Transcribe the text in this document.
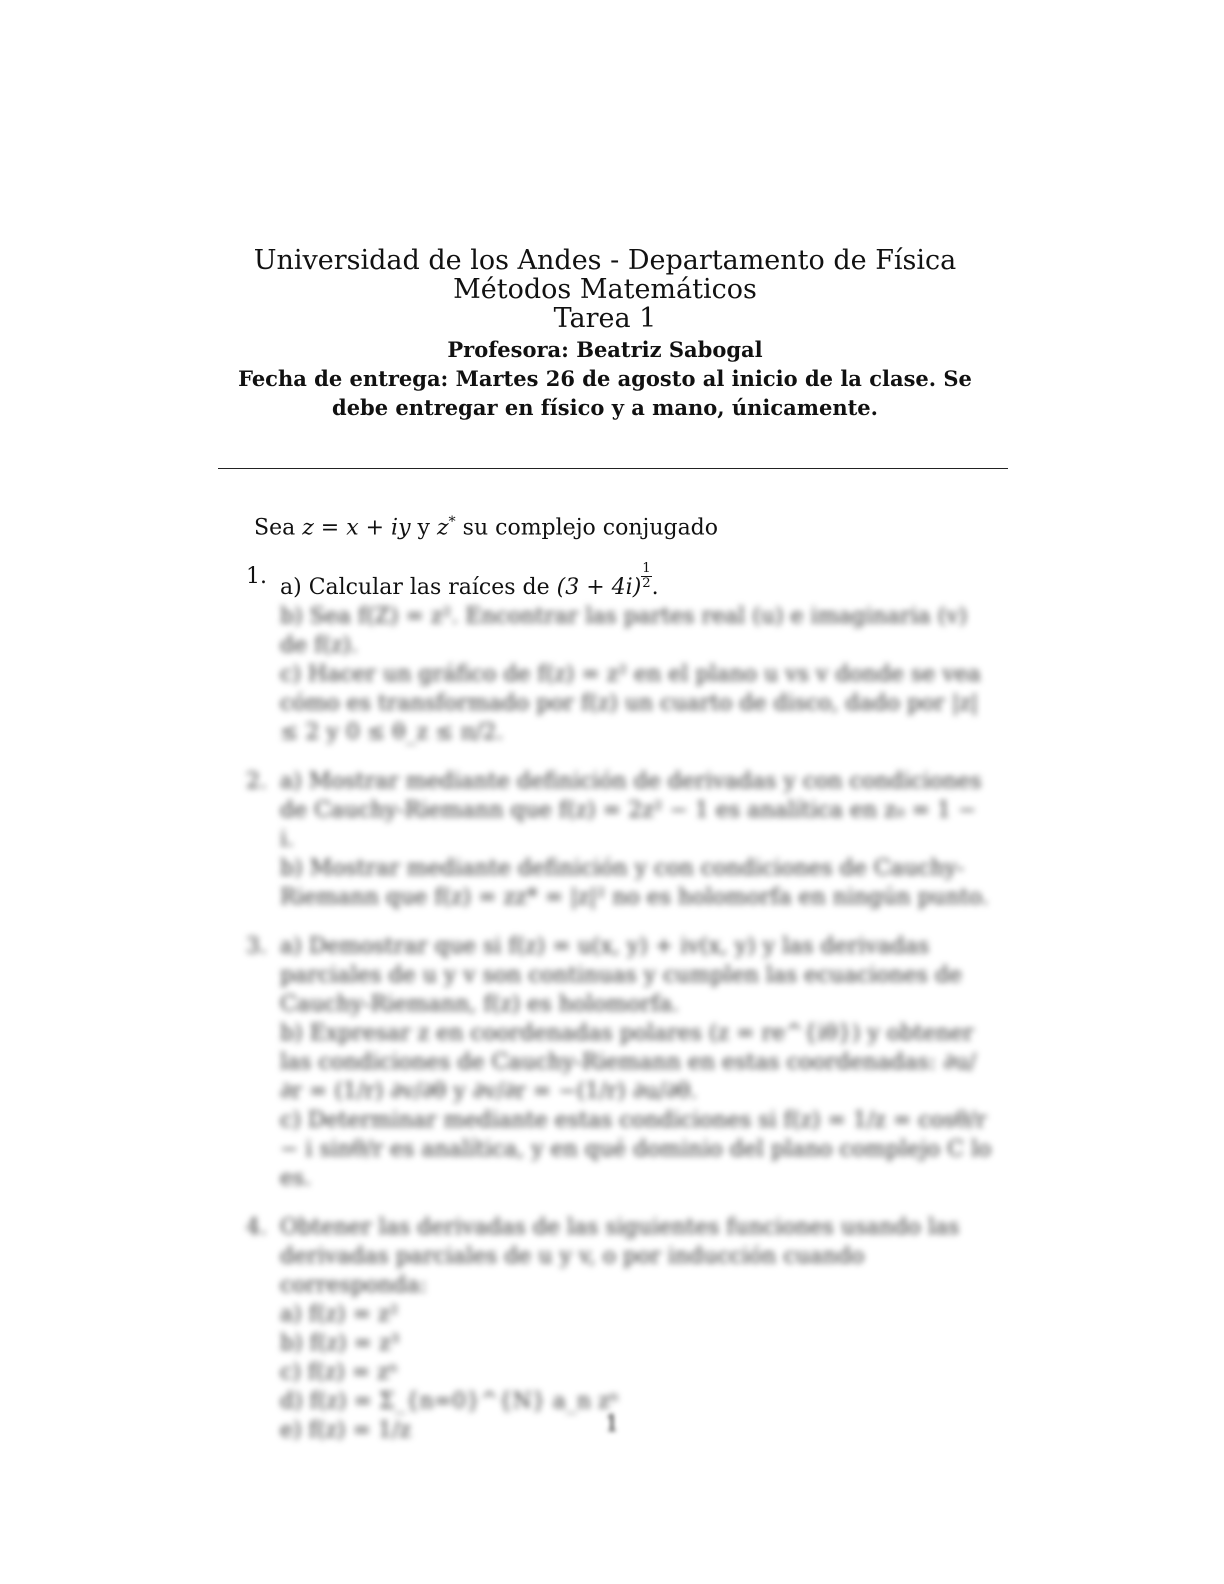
Universidad de los Andes - Departamento de Física
Métodos Matemáticos
Tarea 1
Profesora: Beatriz Sabogal
Fecha de entrega: Martes 26 de agosto al inicio de la clase. Se
debe entregar en físico y a mano, únicamente.
Sea z = x + iy y z* su complejo conjugado
1. a) Calcular las raíces de $(3 + 4i) \frac{1}{2}$ .
b) Sea f(Z) = z². Encontrar las partes real (u) e imaginaria (v) de f(z).
c) Hacer un gráfico de f(z) = z² en el plano u vs v donde se vea cómo es transformado por f(z) un cuarto de disco, dado por |z| ≤ 2 y 0 ≤ θ_z ≤ π/2.
2. a) Mostrar mediante definición de derivadas y con condiciones de Cauchy-Riemann que f(z) = 2z² − 1 es analítica en z₀ = 1 − i.
b) Mostrar mediante definición y con condiciones de Cauchy-Riemann que f(z) = zz* = |z|² no es holomorfa en ningún punto.
3. a) Demostrar que si f(z) = u(x, y) + iv(x, y) y las derivadas parciales de u y v son continuas y cumplen las ecuaciones de Cauchy-Riemann, f(z) es holomorfa.
b) Expresar z en coordenadas polares (z = re^{iθ}) y obtener las condiciones de Cauchy-Riemann en estas coordenadas: ∂u/∂r = (1/r) ∂v/∂θ y ∂v/∂r = −(1/r) ∂u/∂θ.
c) Determinar mediante estas condiciones si f(z) = 1/z = cosθ/r − i sinθ/r es analítica, y en qué dominio del plano complejo C lo es.
4. Obtener las derivadas de las siguientes funciones usando las derivadas parciales de u y v, o por inducción cuando corresponda:
a) f(z) = z²
b) f(z) = z³
c) f(z) = zⁿ
d) f(z) = Σ_{n=0}^{N} a_n zⁿ
e) f(z) = 1/z	1
